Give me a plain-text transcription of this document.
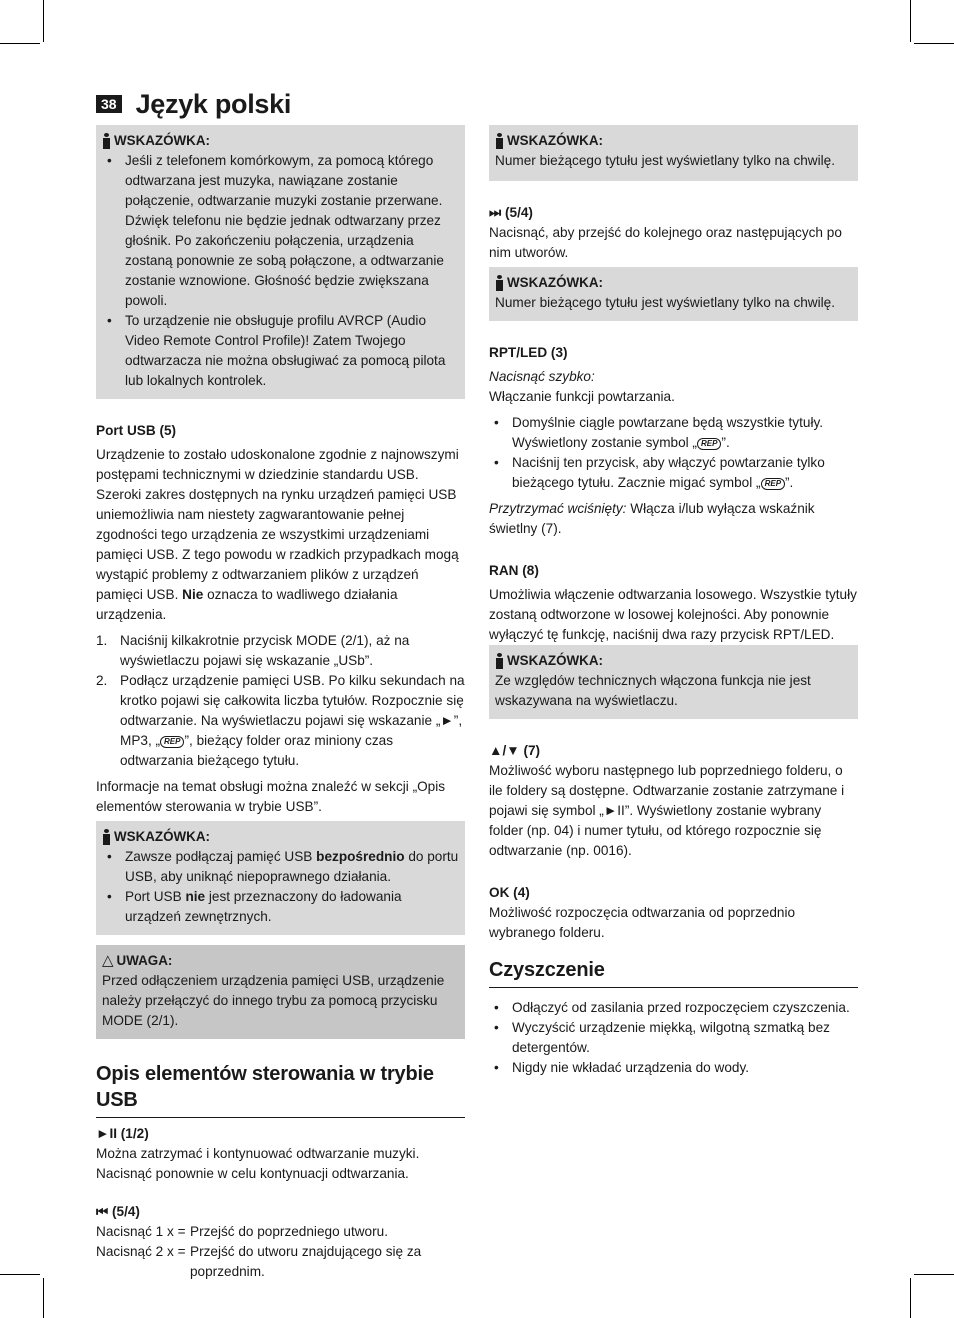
38 Język polski
WSKAZÓWKA:
• Jeśli z telefonem komórkowym, za pomocą którego odtwarzana jest muzyka, nawiązane zostanie połączenie, odtwarzanie muzyki zostanie przerwane. Dźwięk telefonu nie będzie jednak odtwarzany przez głośnik. Po zakończeniu połączenia, urządzenia zostaną ponownie ze sobą połączone, a odtwarzanie zostanie wznowione. Głośność będzie zwiększana powoli.
• To urządzenie nie obsługuje profilu AVRCP (Audio Video Remote Control Profile)! Zatem Twojego odtwarzacza nie można obsługiwać za pomocą pilota lub lokalnych kontrolek.

Port USB (5)

Urządzenie to zostało udoskonalone zgodnie z najnowszymi postępami technicznymi w dziedzinie standardu USB. Szeroki zakres dostępnych na rynku urządzeń pamięci USB uniemożliwia nam niestety zagwarantowanie pełnej zgodności tego urządzenia ze wszystkimi urządzeniami pamięci USB. Z tego powodu w rzadkich przypadkach mogą wystąpić problemy z odtwarzaniem plików z urządzeń pamięci USB. Nie oznacza to wadliwego działania urządzenia.

1. Naciśnij kilkakrotnie przycisk MODE (2/1), aż na wyświetlaczu pojawi się wskazanie „USb”.
2. Podłącz urządzenie pamięci USB. Po kilku sekundach na krotko pojawi się całkowita liczba tytułów. Rozpocznie się odtwarzanie. Na wyświetlaczu pojawi się wskazanie „►”, MP3, „ REP ”, bieżący folder oraz miniony czas odtwarzania bieżącego tytułu.

Informacje na temat obsługi można znaleźć w sekcji „Opis elementów sterowania w trybie USB”.

WSKAZÓWKA:
• Zawsze podłączaj pamięć USB bezpośrednio do portu USB, aby uniknąć niepoprawnego działania.
• Port USB nie jest przeznaczony do ładowania urządzeń zewnętrznych.
△ UWAGA:

Przed odłączeniem urządzenia pamięci USB, urządzenie należy przełączyć do innego trybu za pomocą przycisku MODE (2/1).

Opis elementów sterowania w trybie USB

►II (1/2)

Można zatrzymać i kontynuować odtwarzanie muzyki. Nacisnąć ponownie w celu kontynuacji odtwarzania.

⏮ (5/4)

Nacisnąć 1 x = Przejść do poprzedniego utworu.
Nacisnąć 2 x = Przejść do utworu znajdującego się za poprzednim.
WSKAZÓWKA:

Numer bieżącego tytułu jest wyświetlany tylko na chwilę.

⏭ (5/4)

Nacisnąć, aby przejść do kolejnego oraz następujących po nim utworów.

WSKAZÓWKA:

Numer bieżącego tytułu jest wyświetlany tylko na chwilę.

RPT/LED (3)

Nacisnąć szybko:

Włączanie funkcji powtarzania.

• Domyślnie ciągle powtarzane będą wszystkie tytuły. Wyświetlony zostanie symbol „ REP ”.
• Naciśnij ten przycisk, aby włączyć powtarzanie tylko bieżącego tytułu. Zacznie migać symbol „ REP ”.

Przytrzymać wciśnięty: Włącza i/lub wyłącza wskaźnik świetlny (7).

RAN (8)

Umożliwia włączenie odtwarzania losowego. Wszystkie tytuły zostaną odtworzone w losowej kolejności. Aby ponownie wyłączyć tę funkcję, naciśnij dwa razy przycisk RPT/LED.

WSKAZÓWKA:

Ze względów technicznych włączona funkcja nie jest wskazywana na wyświetlaczu.

▲/▼ (7)

Możliwość wyboru następnego lub poprzedniego folderu, o ile foldery są dostępne. Odtwarzanie zostanie zatrzymane i pojawi się symbol „►II”. Wyświetlony zostanie wybrany folder (np. 04) i numer tytułu, od którego rozpocznie się odtwarzanie (np. 0016).

OK (4)

Możliwość rozpoczęcia odtwarzania od poprzednio wybranego folderu.

Czyszczenie
• Odłączyć od zasilania przed rozpoczęciem czyszczenia.
• Wyczyścić urządzenie miękką, wilgotną szmatką bez detergentów.
• Nigdy nie wkładać urządzenia do wody.
